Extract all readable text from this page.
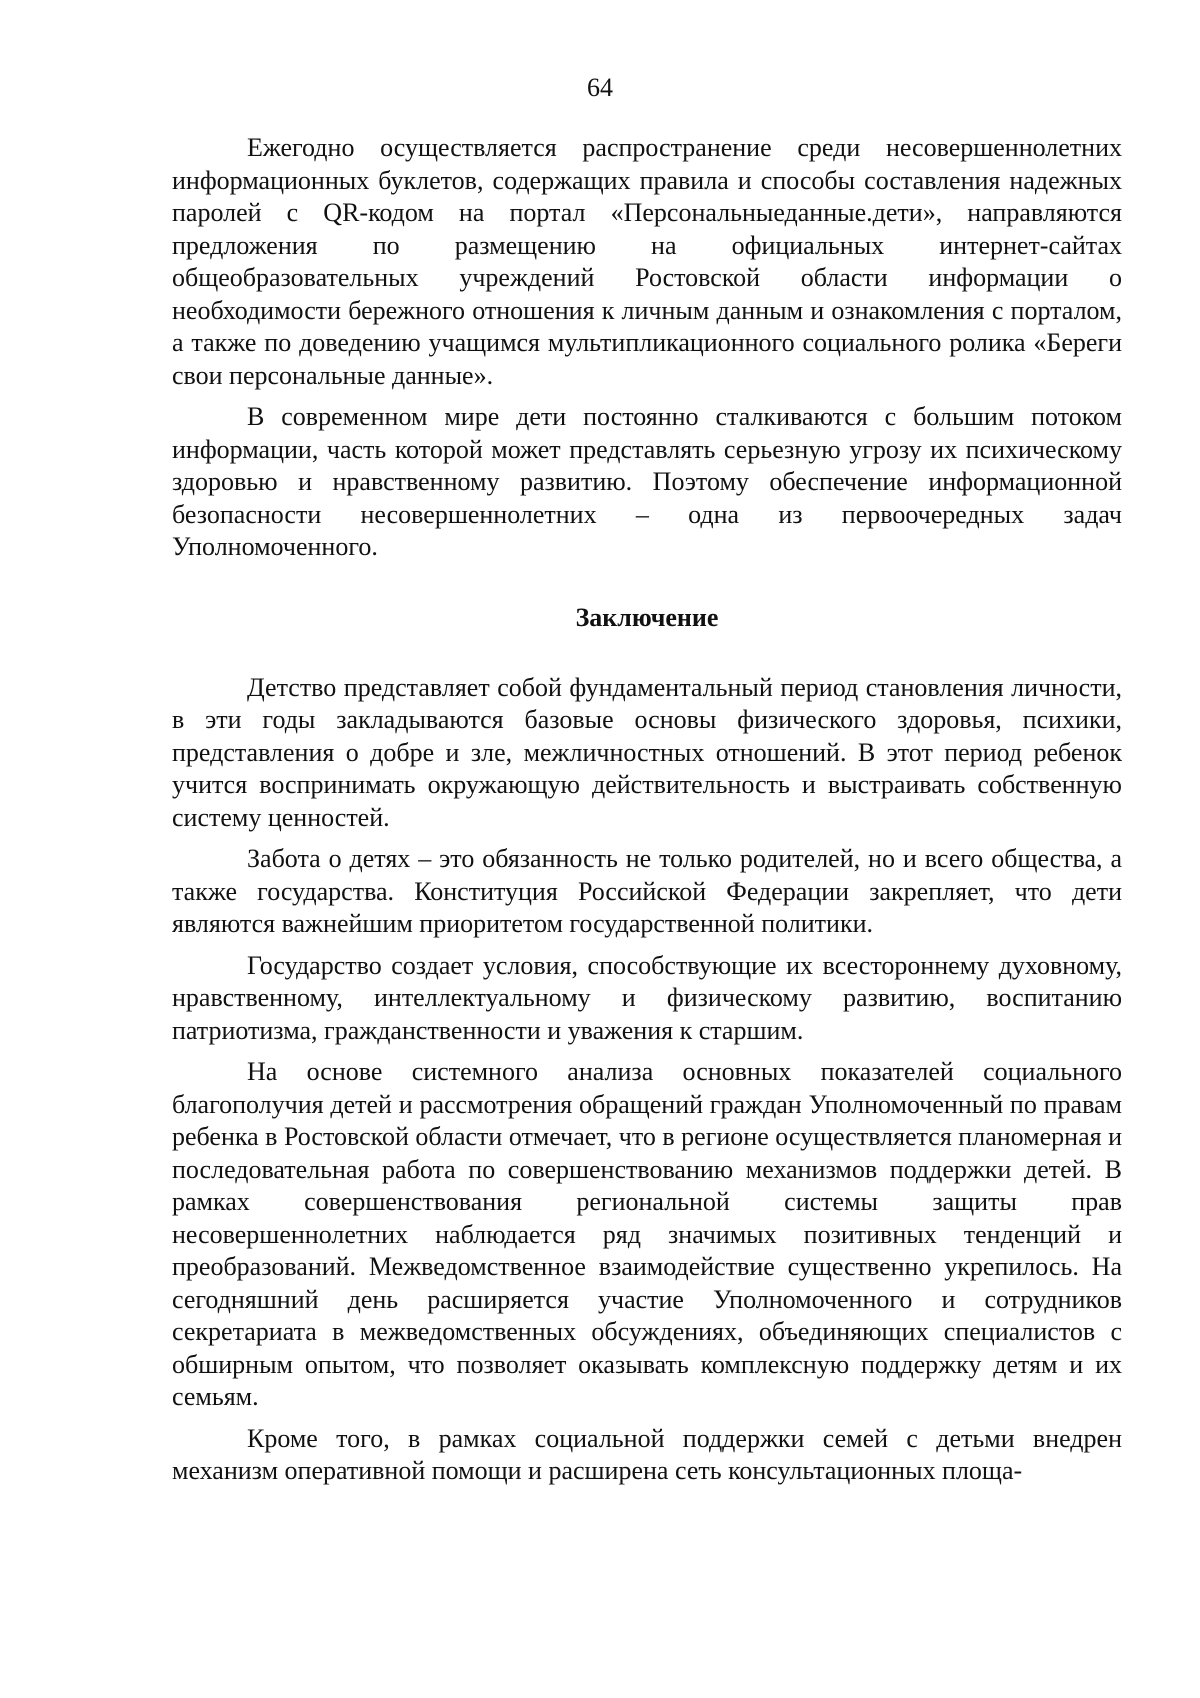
64

Ежегодно осуществляется распространение среди несовершеннолетних информационных буклетов, содержащих правила и способы составления надежных паролей с QR-кодом на портал «Персональныеданные.дети», направляются предложения по размещению на официальных интернет-сайтах общеобразовательных учреждений Ростовской области информации о необходимости бережного отношения к личным данным и ознакомления с порталом, а также по доведению учащимся мультипликационного социального ролика «Береги свои персональные данные».

В современном мире дети постоянно сталкиваются с большим потоком информации, часть которой может представлять серьезную угрозу их психическому здоровью и нравственному развитию. Поэтому обеспечение информационной безопасности несовершеннолетних – одна из первоочередных задач Уполномоченного.

Заключение

Детство представляет собой фундаментальный период становления личности, в эти годы закладываются базовые основы физического здоровья, психики, представления о добре и зле, межличностных отношений. В этот период ребенок учится воспринимать окружающую действительность и выстраивать собственную систему ценностей.

Забота о детях – это обязанность не только родителей, но и всего общества, а также государства. Конституция Российской Федерации закрепляет, что дети являются важнейшим приоритетом государственной политики.

Государство создает условия, способствующие их всестороннему духовному, нравственному, интеллектуальному и физическому развитию, воспитанию патриотизма, гражданственности и уважения к старшим.

На основе системного анализа основных показателей социального благополучия детей и рассмотрения обращений граждан Уполномоченный по правам ребенка в Ростовской области отмечает, что в регионе осуществляется планомерная и последовательная работа по совершенствованию механизмов поддержки детей. В рамках совершенствования региональной системы защиты прав несовершеннолетних наблюдается ряд значимых позитивных тенденций и преобразований. Межведомственное взаимодействие существенно укрепилось. На сегодняшний день расширяется участие Уполномоченного и сотрудников секретариата в межведомственных обсуждениях, объединяющих специалистов с обширным опытом, что позволяет оказывать комплексную поддержку детям и их семьям.

Кроме того, в рамках социальной поддержки семей с детьми внедрен механизм оперативной помощи и расширена сеть консультационных площа-
